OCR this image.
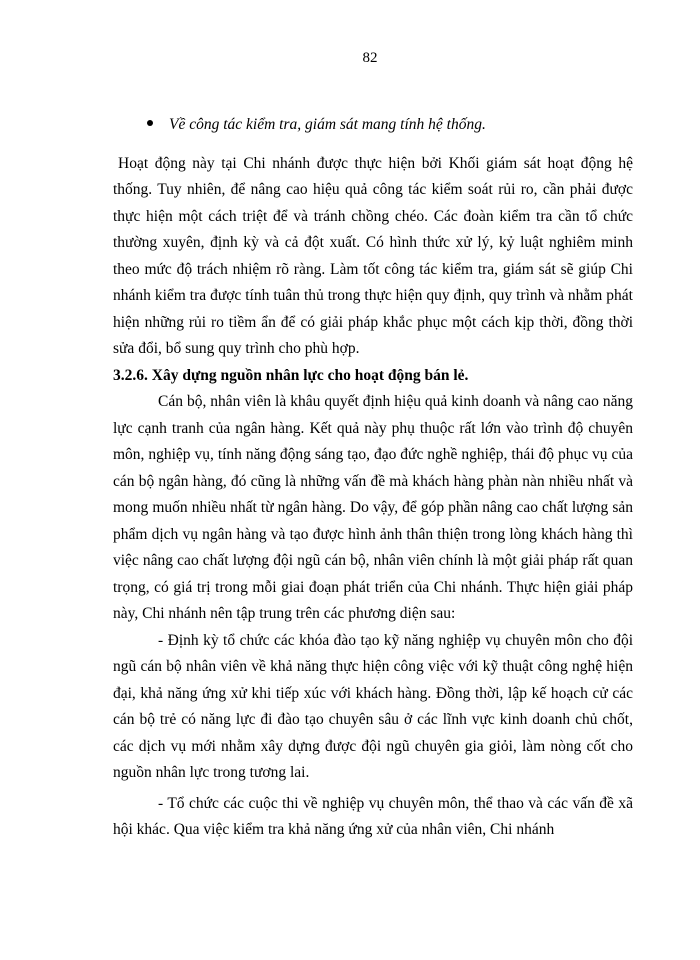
82
Về công tác kiểm tra, giám sát mang tính hệ thống.

Hoạt động này tại Chi nhánh được thực hiện bởi Khối giám sát hoạt động hệ thống. Tuy nhiên, để nâng cao hiệu quả công tác kiểm soát rủi ro, cần phải được thực hiện một cách triệt để và tránh chồng chéo. Các đoàn kiểm tra cần tổ chức thường xuyên, định kỳ và cả đột xuất. Có hình thức xử lý, kỷ luật nghiêm minh theo mức độ trách nhiệm rõ ràng. Làm tốt công tác kiểm tra, giám sát sẽ giúp Chi nhánh kiểm tra được tính tuân thủ trong thực hiện quy định, quy trình và nhằm phát hiện những rủi ro tiềm ẩn để có giải pháp khắc phục một cách kịp thời, đồng thời sửa đổi, bổ sung quy trình cho phù hợp.

3.2.6. Xây dựng nguồn nhân lực cho hoạt động bán lẻ.

Cán bộ, nhân viên là khâu quyết định hiệu quả kinh doanh và nâng cao năng lực cạnh tranh của ngân hàng. Kết quả này phụ thuộc rất lớn vào trình độ chuyên môn, nghiệp vụ, tính năng động sáng tạo, đạo đức nghề nghiệp, thái độ phục vụ của cán bộ ngân hàng, đó cũng là những vấn đề mà khách hàng phàn nàn nhiều nhất và mong muốn nhiều nhất từ ngân hàng. Do vậy, để góp phần nâng cao chất lượng sản phẩm dịch vụ ngân hàng và tạo được hình ảnh thân thiện trong lòng khách hàng thì việc nâng cao chất lượng đội ngũ cán bộ, nhân viên chính là một giải pháp rất quan trọng, có giá trị trong mỗi giai đoạn phát triển của Chi nhánh. Thực hiện giải pháp này, Chi nhánh nên tập trung trên các phương diện sau:

- Định kỳ tổ chức các khóa đào tạo kỹ năng nghiệp vụ chuyên môn cho đội ngũ cán bộ nhân viên về khả năng thực hiện công việc với kỹ thuật công nghệ hiện đại, khả năng ứng xử khi tiếp xúc với khách hàng. Đồng thời, lập kế hoạch cử các cán bộ trẻ có năng lực đi đào tạo chuyên sâu ở các lĩnh vực kinh doanh chủ chốt, các dịch vụ mới nhằm xây dựng được đội ngũ chuyên gia giỏi, làm nòng cốt cho nguồn nhân lực trong tương lai.

- Tổ chức các cuộc thi về nghiệp vụ chuyên môn, thể thao và các vấn đề xã hội khác. Qua việc kiểm tra khả năng ứng xử của nhân viên, Chi nhánh
